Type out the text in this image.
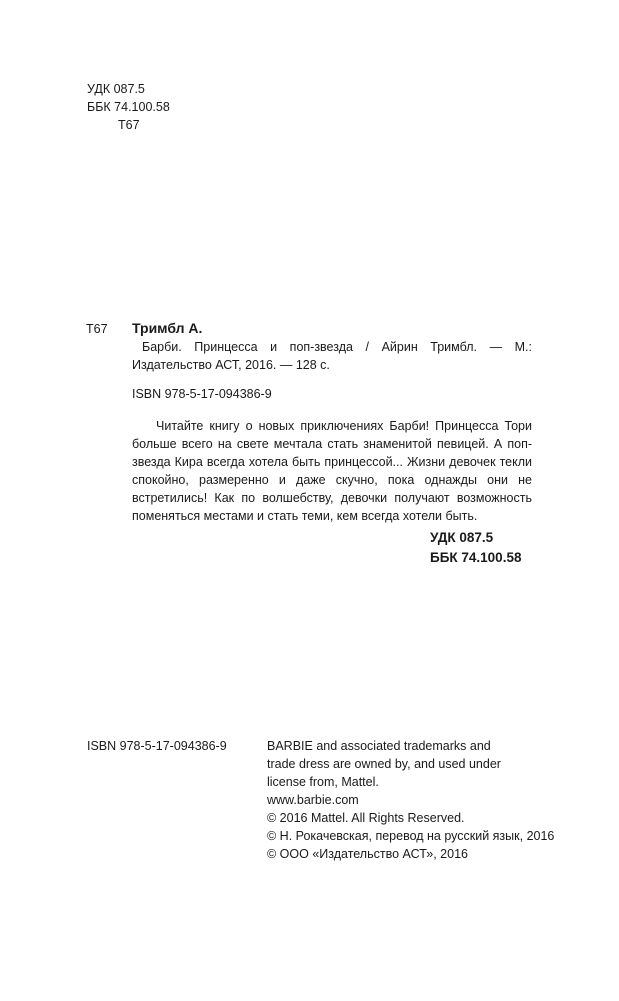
УДК 087.5
ББК 74.100.58
Т67
Т67 Тримбл А.

Барби. Принцесса и поп-звезда / Айрин Тримбл. — М.: Издательство АСТ, 2016. — 128 с.

ISBN 978-5-17-094386-9

Читайте книгу о новых приключениях Барби! Принцесса Тори больше всего на свете мечтала стать знаменитой певицей. А поп-звезда Кира всегда хотела быть принцессой... Жизни девочек текли спокойно, размеренно и даже скучно, пока однажды они не встретились! Как по волшебству, девочки получают возможность поменяться местами и стать теми, кем всегда хотели быть.

УДК 087.5
ББК 74.100.58
ISBN 978-5-17-094386-9	BARBIE and associated trademarks and
trade dress are owned by, and used under
license from, Mattel.
www.barbie.com
© 2016 Mattel. All Rights Reserved.
© Н. Рокачевская, перевод на русский язык, 2016
© ООО «Издательство АСТ», 2016
